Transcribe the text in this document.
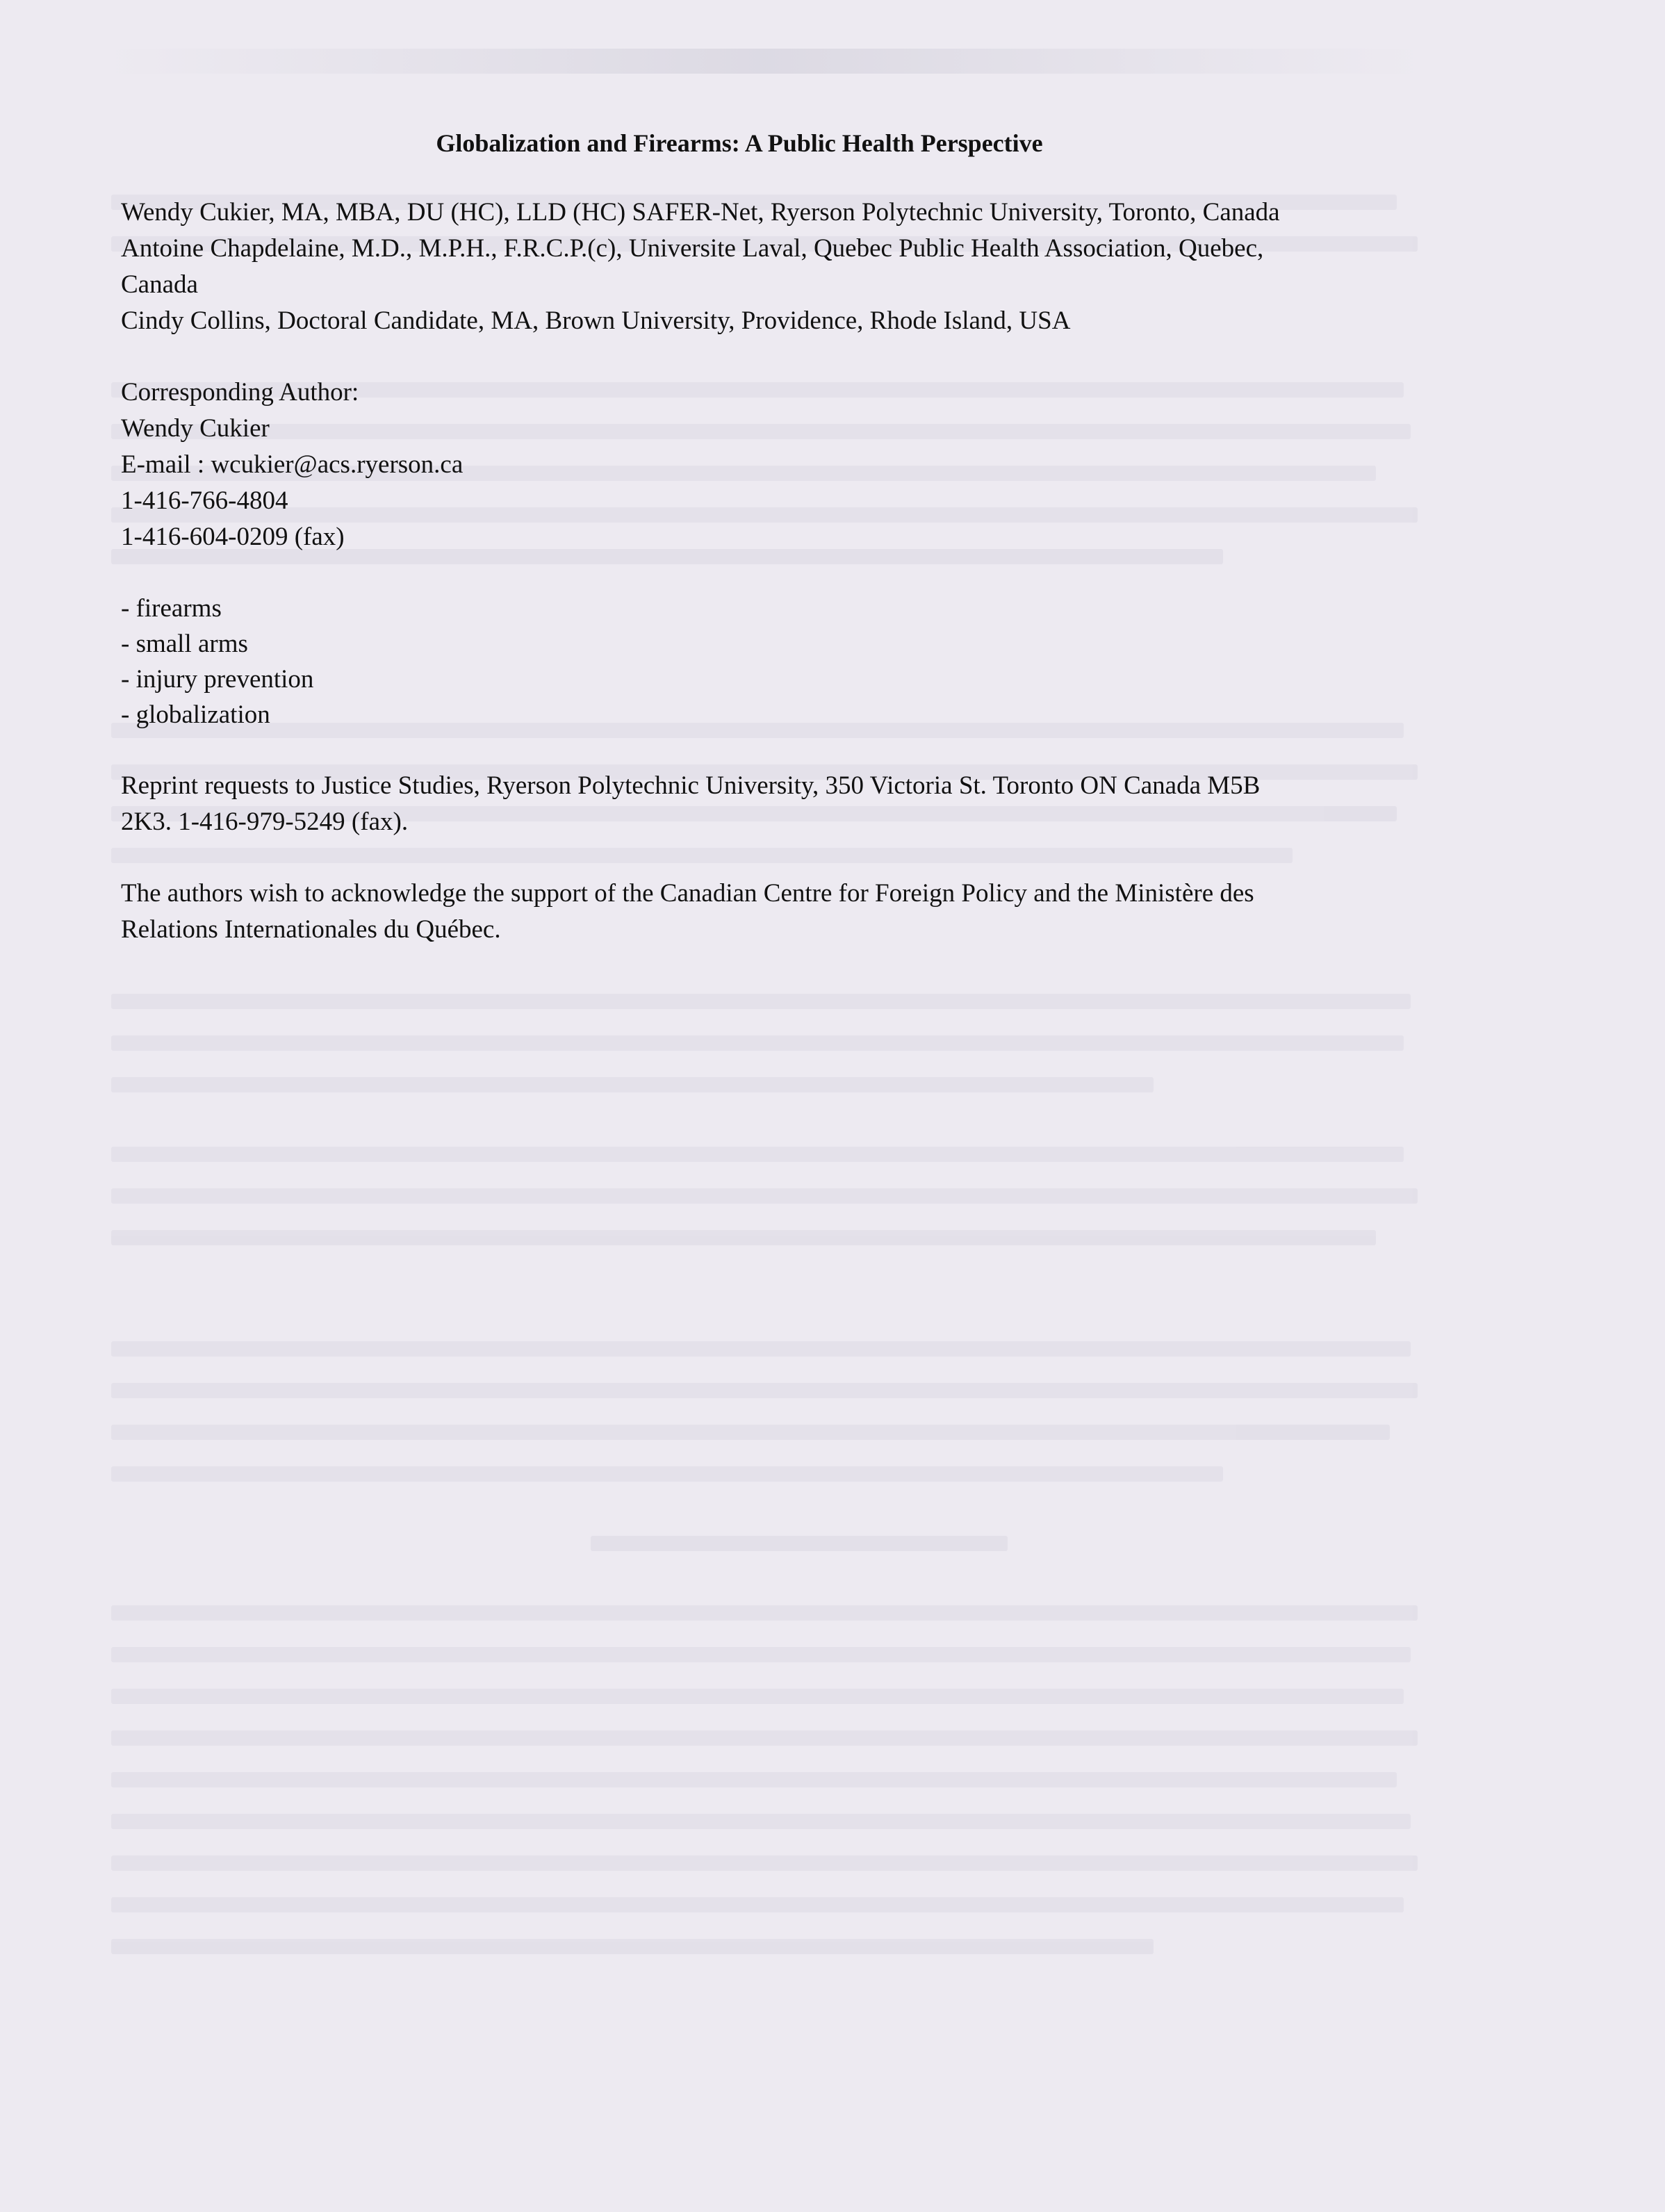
Globalization and Firearms: A Public Health Perspective
Wendy Cukier, MA, MBA, DU (HC), LLD (HC) SAFER-Net, Ryerson Polytechnic University, Toronto, Canada
Antoine Chapdelaine, M.D., M.P.H., F.R.C.P.(c), Universite Laval, Quebec Public Health Association, Quebec,
Canada
Cindy Collins, Doctoral Candidate, MA, Brown University, Providence, Rhode Island, USA
Corresponding Author:
Wendy Cukier
E-mail : wcukier@acs.ryerson.ca
1-416-766-4804
1-416-604-0209 (fax)
- firearms
- small arms
- injury prevention
- globalization
Reprint requests to Justice Studies, Ryerson Polytechnic University, 350 Victoria St. Toronto ON Canada M5B
2K3. 1-416-979-5249 (fax).
The authors wish to acknowledge the support of the Canadian Centre for Foreign Policy and the Ministère des
Relations Internationales du Québec.
